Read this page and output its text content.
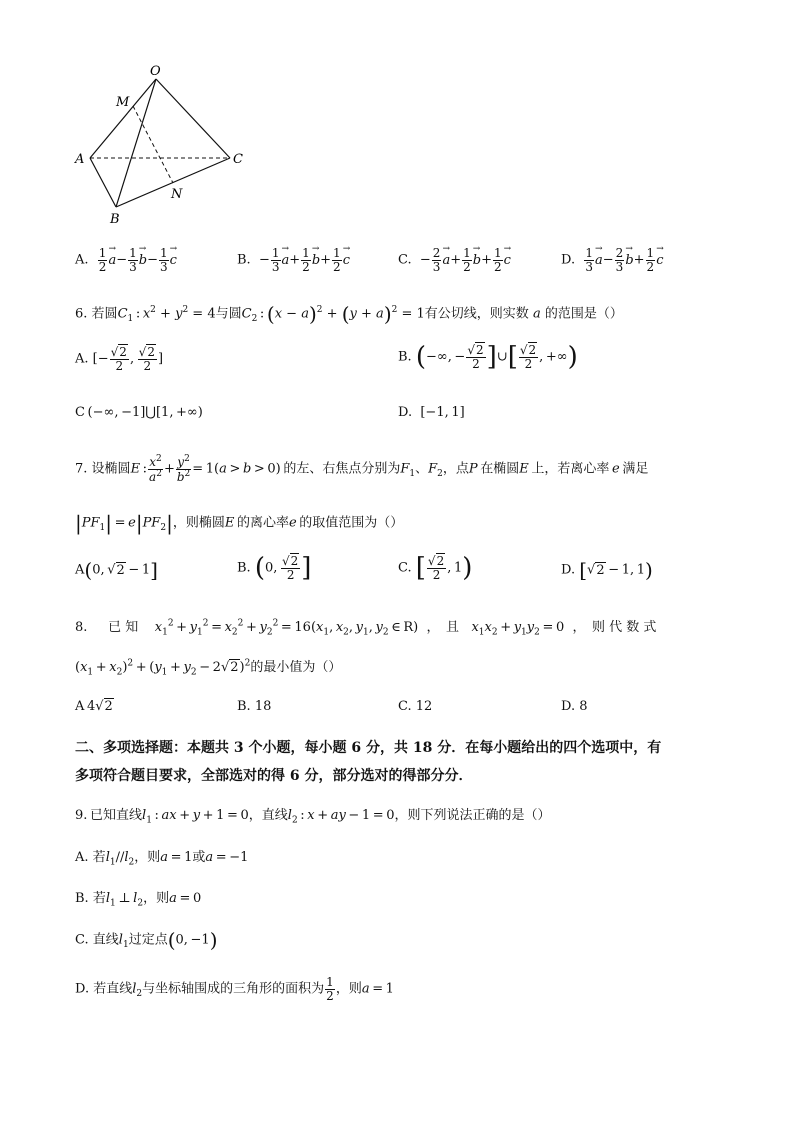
O
M
A	C
N
B
A. $\frac{1}{2}$
→ $a- \frac{1}{3}$
→ $b- \frac{1}{3}$
→ c	B.  − $\frac{1}{3}$
→ $a+ \frac{1}{2}$
→ $b+ \frac{1}{2}$
→ c	C.  − $\frac{2}{3}$
→ $a+ \frac{1}{2}$
→ $b+ \frac{1}{2}$
→ c	D. $\frac{1}{3}$
→ $a- \frac{2}{3}$
→ $b+ \frac{1}{2}$
→ c
6. 若圆$C_1$ : $x^2 + y^2 = 4$与圆$C_2$ : $(x - a)^2 + (y + a)^2 = 1$有公切线，则实数 a 的范围是（）
A. [− $\frac{√2}{2}$ ,  $\frac{√2}{2}$ ]	B. (−∞, − $\frac{√2}{2}$ ]∪[ $\frac{√2}{2}$ , +∞)
C (−∞, −1]⋃[1, +∞)	D.  [−1, 1]
7. 设椭圆E : $\frac{x^2}{a^2} + \frac{y^2}{b^2} = 1(a > b > 0)$ 的左、右焦点分别为$F_1$、$F_2$，点P  在椭圆E  上，若离心率  e  满足
$|PF_1| = e|PF_2|$，则椭圆E  的离心率e  的取值范围为（）
A(0, √2 − 1]	B. (0,  $\frac{√2}{2}$ ]	C. [ $\frac{√2}{2}$ , 1)	D. [√2 − 1, 1)
8. 已 知 $x_1^2 + y_1^2 = x_2^2 + y_2^2 = 16(x_1$, $x_2$, $y_1$, $y_2$ ∈ R)  ，　且 $x_1x_2 + y_1y_2 = 0$  ，　则 代 数 式
$(x_1 + x_2)^2 + (y_1 + y_2 - 2√2)^2$的最小值为（）
A 4√2	B. 18	C. 12	D. 8
二、多项选择题：本题共 3 个小题，每小题 6 分，共 18 分．在每小题给出的四个选项中，有
多项符合题目要求，全部选对的得 6 分，部分选对的得部分分．
9.  已知直线$l_1$ : ax + y + 1 = 0，直线$l_2$ : x + ay − 1 = 0，则下列说法正确的是（）
A. 若$l_1//l_2$，则a = 1或a = −1
B. 若$l_1$ ⊥ $l_2$，则a = 0
C. 直线$l_1$过定点(0, −1)
D. 若直线$l_2$与坐标轴围成的三角形的面积为 $\frac{1}{2}$ ，则a = 1
